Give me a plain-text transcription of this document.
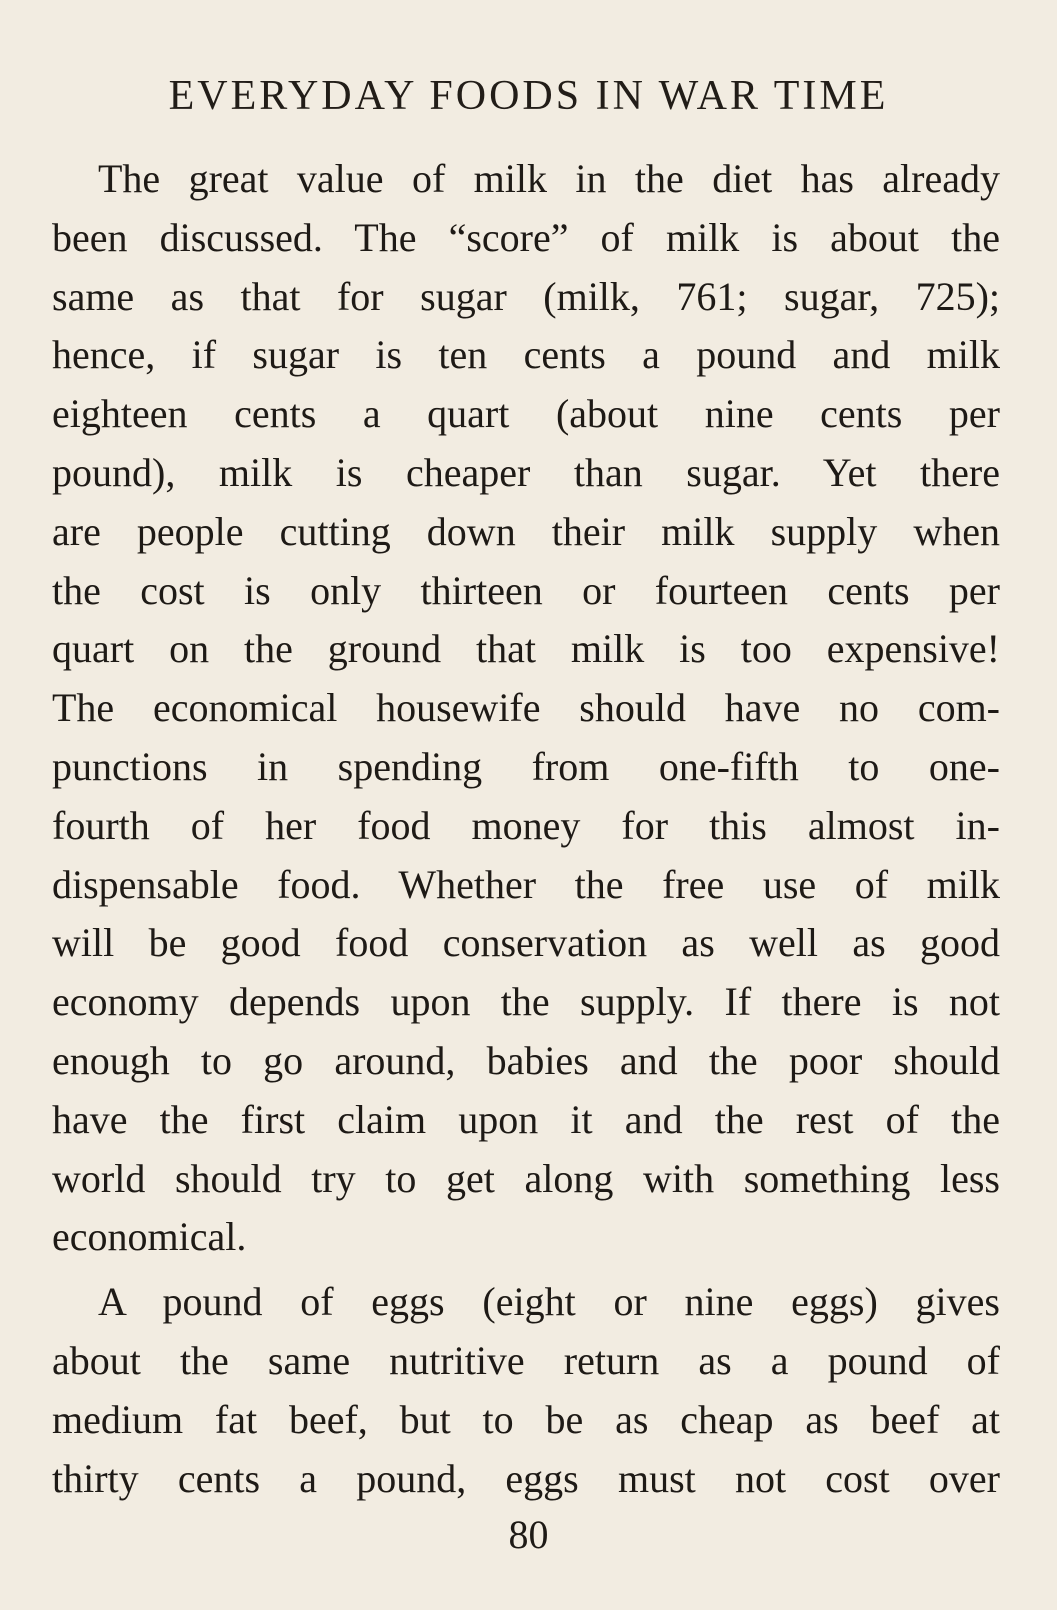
EVERYDAY FOODS IN WAR TIME
The great value of milk in the diet has already
been discussed. The “score” of milk is about the
same as that for sugar (milk, 761; sugar, 725);
hence, if sugar is ten cents a pound and milk
eighteen cents a quart (about nine cents per
pound), milk is cheaper than sugar. Yet there
are people cutting down their milk supply when
the cost is only thirteen or fourteen cents per
quart on the ground that milk is too expensive!
The economical housewife should have no com-
punctions in spending from one-fifth to one-
fourth of her food money for this almost in-
dispensable food. Whether the free use of milk
will be good food conservation as well as good
economy depends upon the supply. If there is not
enough to go around, babies and the poor should
have the first claim upon it and the rest of the
world should try to get along with something less
economical.
A pound of eggs (eight or nine eggs) gives
about the same nutritive return as a pound of
medium fat beef, but to be as cheap as beef at
thirty cents a pound, eggs must not cost over
80
